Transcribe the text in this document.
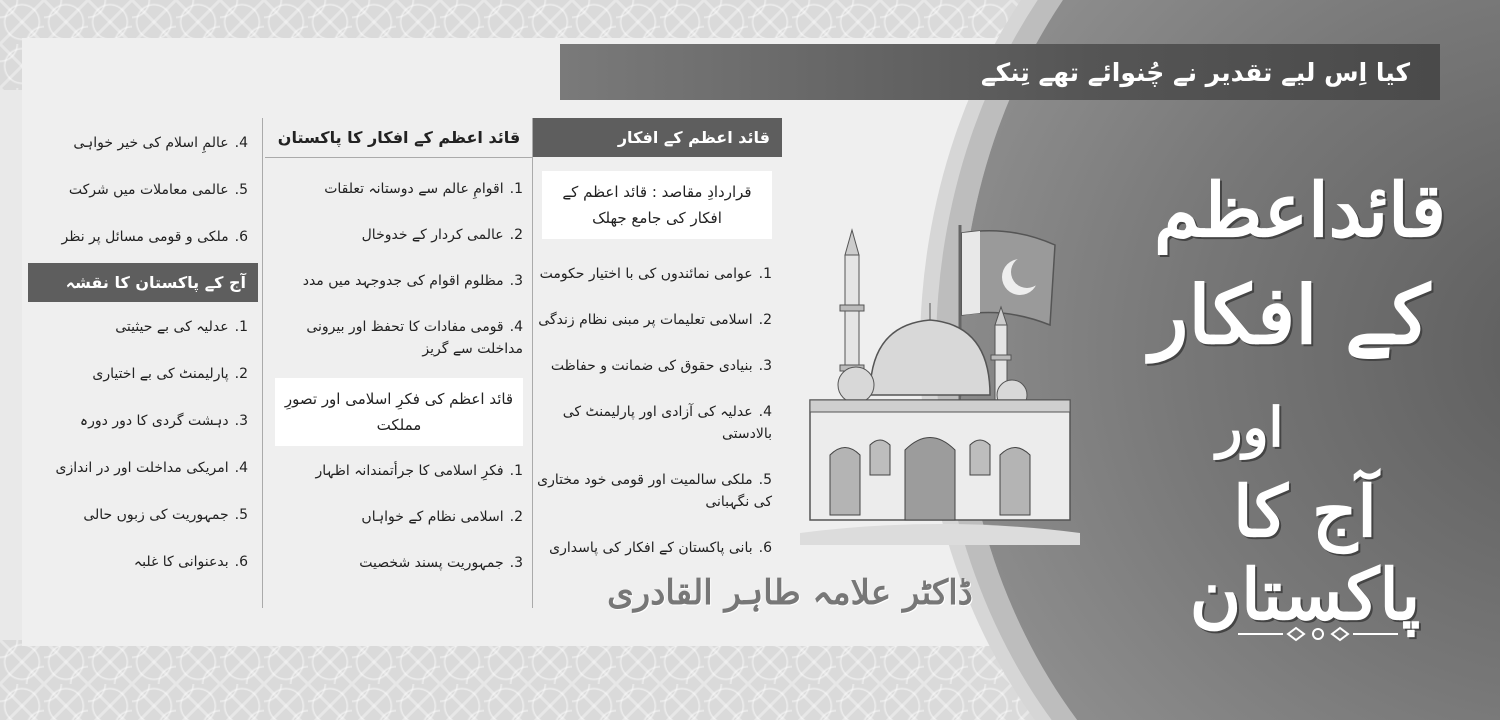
کیا اِس لیے تقدیر نے چُنوائے تھے تِنکے
قائد اعظم کے افکار
قراردادِ مقاصد : قائد اعظم کے افکار کی جامع جھلک
1.عوامی نمائندوں کی با اختیار حکومت
2.اسلامی تعلیمات پر مبنی نظام زندگی
3.بنیادی حقوق کی ضمانت و حفاظت
4.عدلیہ کی آزادی اور پارلیمنٹ کی بالادستی
5.ملکی سالمیت اور قومی خود مختاری کی نگہبانی
6.بانی پاکستان کے افکار کی پاسداری
قائد اعظم کے افکار کا پاکستان
1.اقوامِ عالم سے دوستانہ تعلقات
2.عالمی کردار کے خدوخال
3.مظلوم اقوام کی جدوجہد میں مدد
4.قومی مفادات کا تحفظ اور بیرونی مداخلت سے گریز
قائد اعظم کی فکرِ اسلامی اور تصورِ مملکت
1.فکرِ اسلامی کا جرأتمندانہ اظہار
2.اسلامی نظام کے خواہاں
3.جمہوریت پسند شخصیت
4.عالمِ اسلام کی خیر خواہی
5.عالمی معاملات میں شرکت
6.ملکی و قومی مسائل پر نظر
آج کے پاکستان کا نقشہ
1.عدلیہ کی بے حیثیتی
2.پارلیمنٹ کی بے اختیاری
3.دہشت گردی کا دور دورہ
4.امریکی مداخلت اور در اندازی
5.جمہوریت کی زبوں حالی
6.بدعنوانی کا غلبہ
قائداعظم
کے افکار
اور
آج کا پاکستان
ڈاکٹر علامہ طاہر القادری
